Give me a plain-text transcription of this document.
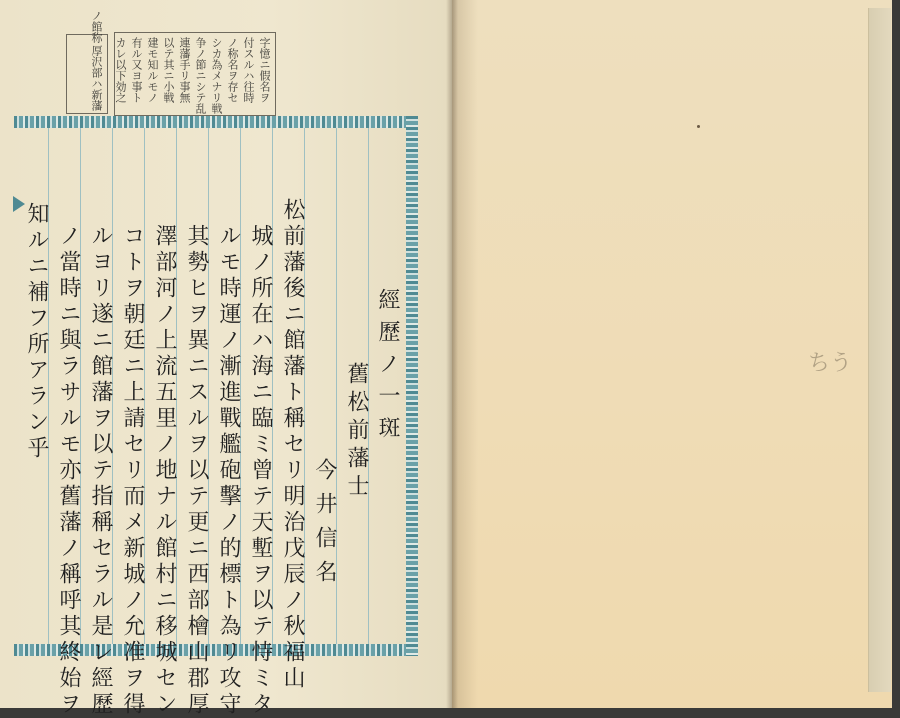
厚沢部ハ新藩
ノ館称
字憶ニ假名ヲ
付スルハ往時
ノ称名ヲ存セ
シカ為メナリ戦
争ノ節ニシテ乱
連藩手リ事無
以テ其ニ小戦
建モ知ルモノ
有ル又ヨ事ト
カレ以下効之
經歷ノ一斑
舊松前藩士
今井信名
松前藩後ニ館藩ト稱セリ明治戊辰ノ秋福山
城ノ所在ハ海ニ臨ミ曾テ天塹ヲ以テ恃ミタ
ルモ時運ノ漸進戰艦砲擊ノ的標ト為リ攻守
其勢ヒヲ異ニスルヲ以テ更ニ西部檜山郡厚
澤部河ノ上流五里ノ地ナル館村ニ移城セン
コトヲ朝廷ニ上請セリ而メ新城ノ允准ヲ得
ルヨリ遂ニ館藩ヲ以テ指稱セラル是レ經歷
ノ當時ニ與ラサルモ亦舊藩ノ稱呼其終始ヲ
知ルニ補フ所アラン乎	ちう
